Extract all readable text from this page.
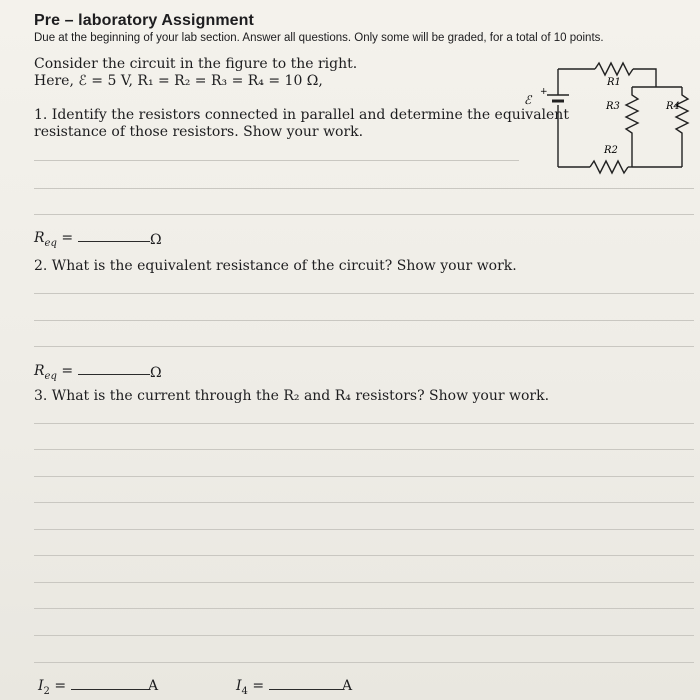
Pre – laboratory Assignment
Due at the beginning of your lab section. Answer all questions. Only some will be graded, for a total of 10 points.
Consider the circuit in the figure to the right.
Here, ℰ = 5 V, R₁ = R₂ = R₃ = R₄ = 10 Ω,
ℰ
+
R1
R3	R4
R2
1. Identify the resistors connected in parallel and determine the equivalent
resistance of those resistors. Show your work.
$R_{eq}$ =	Ω
2. What is the equivalent resistance of the circuit? Show your work.
$R_{eq}$ =	Ω
3. What is the current through the R₂ and R₄ resistors? Show your work.
$I_2$ =	A	$I_4$ =	A
